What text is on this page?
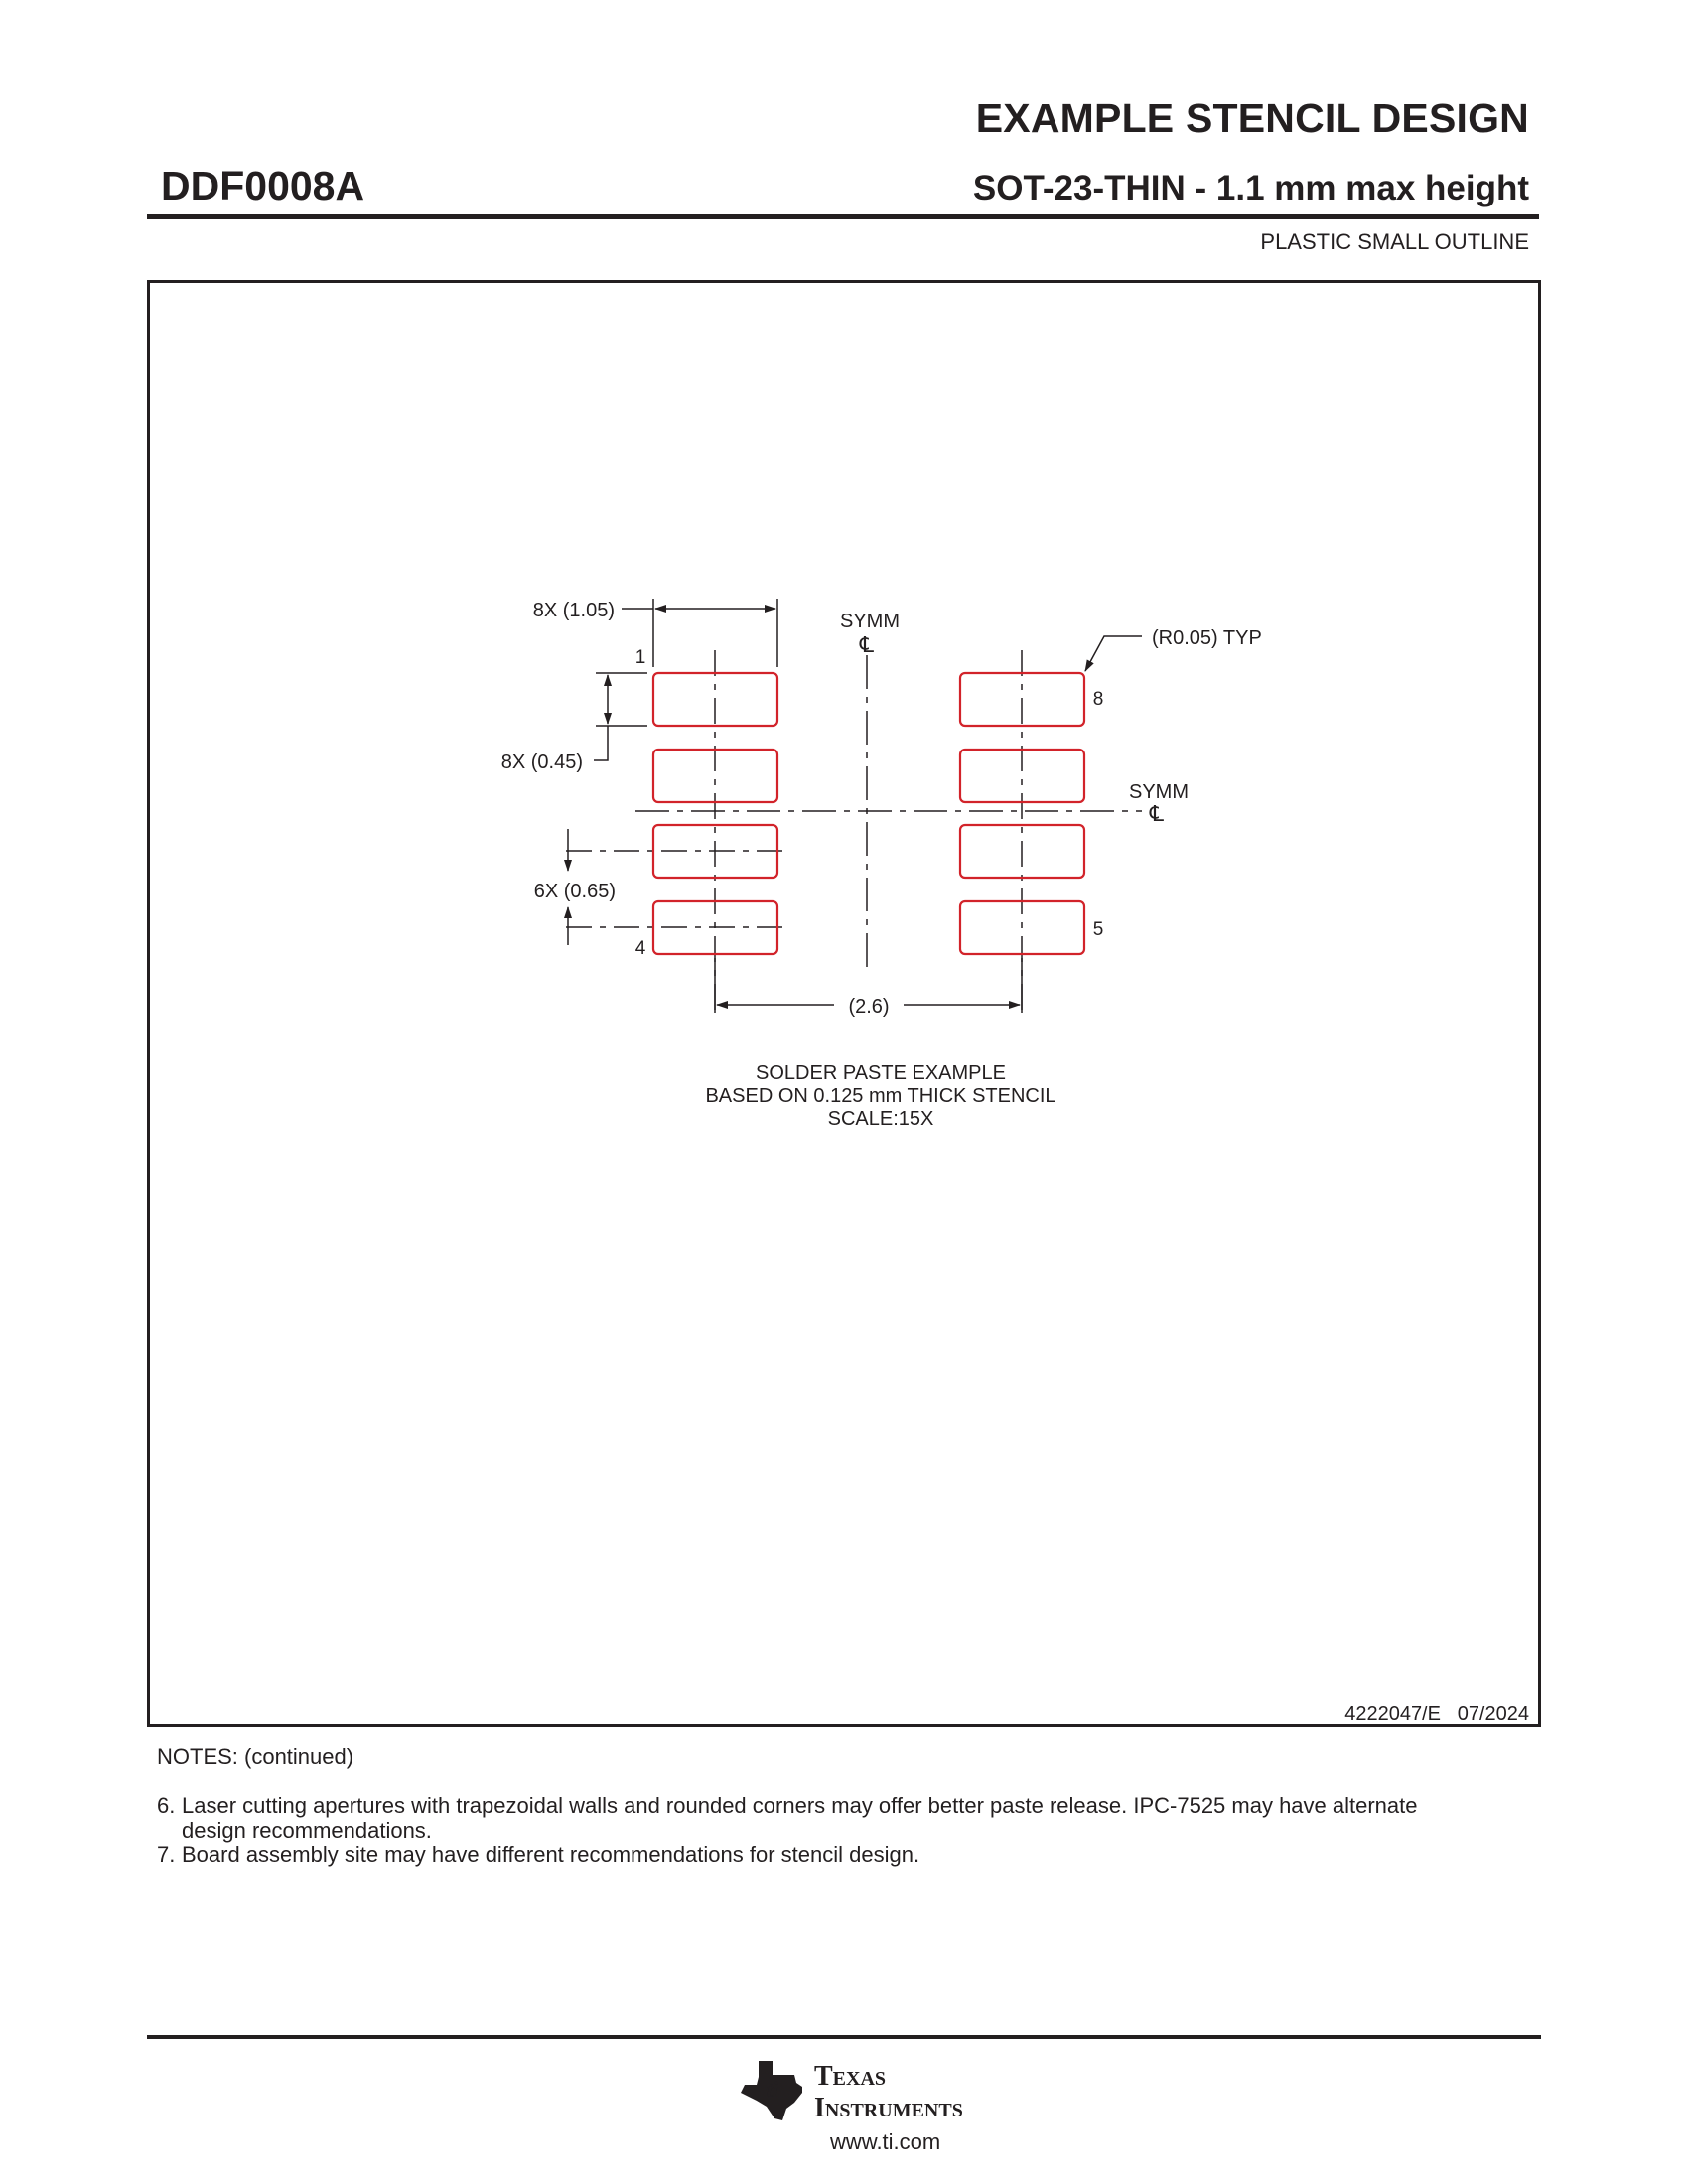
EXAMPLE STENCIL DESIGN
DDF0008A	SOT-23-THIN - 1.1 mm max height
PLASTIC SMALL OUTLINE
8X (1.05)
8X (0.45)
6X (0.65)
(2.6)
(R0.05) TYP
SYMM
℄
SYMM
℄
1
4
8
5
SOLDER PASTE EXAMPLE
BASED ON 0.125 mm THICK STENCIL
SCALE:15X
4222047/E   07/2024
NOTES: (continued)
6. Laser cutting apertures with trapezoidal walls and rounded corners may offer better paste release. IPC-7525 may have alternate
design recommendations.
7. Board assembly site may have different recommendations for stencil design.
ti Texas
Instruments
www.ti.com
